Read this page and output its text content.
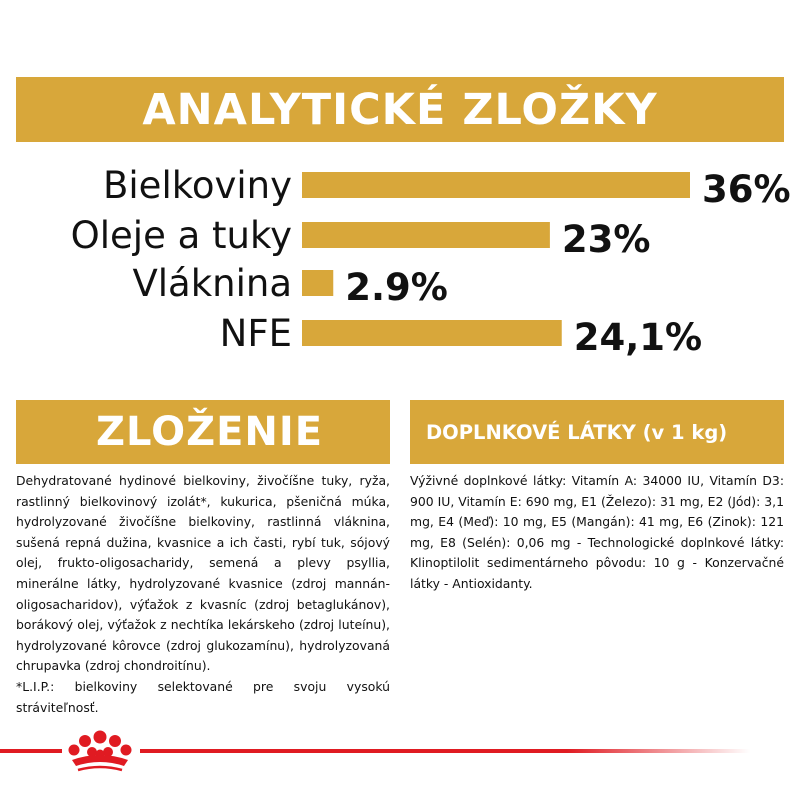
ANALYTICKÉ ZLOŽKY
Bielkoviny	36%
Oleje a tuky	23%
Vláknina 2.9%
NFE	24,1%
ZLOŽENIE	DOPLNKOVÉ LÁTKY (v 1 kg)

Dehydratované hydinové bielkoviny, živočíšne tuky, ryža, rastlinný bielkovinový izolát*, kukurica, pšeničná múka, hydrolyzované živočíšne bielkoviny, rastlinná vláknina, sušená repná dužina, kvasnice a ich časti, rybí tuk, sójový olej, frukto-oligosacharidy, semená a plevy psyllia, minerálne látky, hydrolyzované kvasnice (zdroj mannán-oligosacharidov), výťažok z kvasníc (zdroj betaglukánov), borákový olej, výťažok z nechtíka lekárskeho (zdroj luteínu), hydrolyzované kôrovce (zdroj glukozamínu), hydrolyzovaná chrupavka (zdroj chondroitínu).

*L.I.P.: bielkoviny selektované pre svoju vysokú stráviteľnosť.

Výživné doplnkové látky: Vitamín A: 34000 IU, Vitamín D3: 900 IU, Vitamín E: 690 mg, E1 (Železo): 31 mg, E2 (Jód): 3,1 mg, E4 (Meď): 10 mg, E5 (Mangán): 41 mg, E6 (Zinok): 121 mg, E8 (Selén): 0,06 mg - Technologické doplnkové látky: Klinoptilolit sedimentárneho pôvodu: 10 g - Konzervačné látky - Antioxidanty.
